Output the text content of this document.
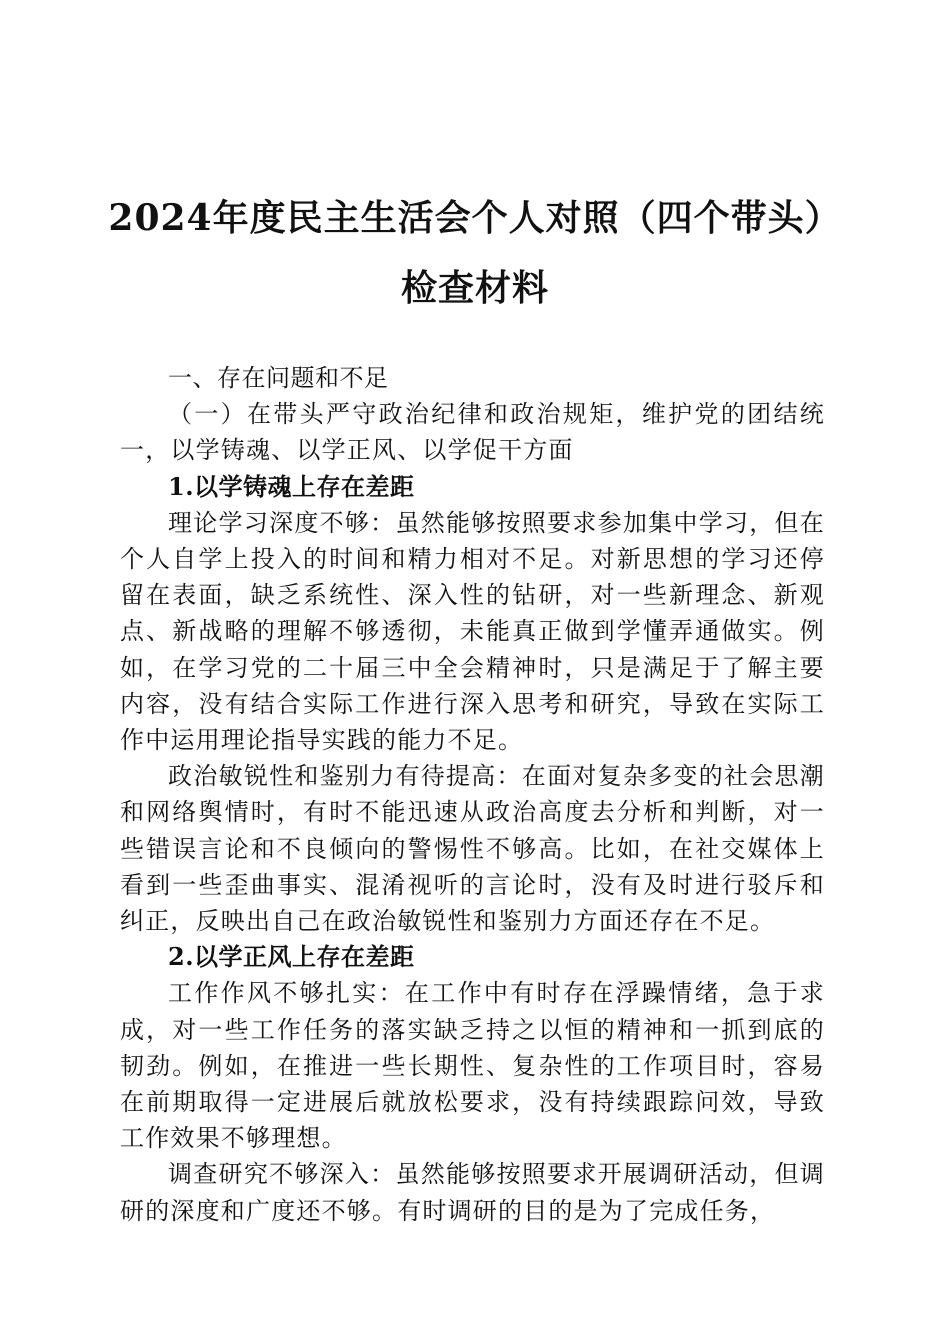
2024年度民主生活会个人对照（四个带头）
检查材料

一、存在问题和不足

（一）在带头严守政治纪律和政治规矩，维护党的团结统一，以学铸魂、以学正风、以学促干方面

1.以学铸魂上存在差距

理论学习深度不够：虽然能够按照要求参加集中学习，但在个人自学上投入的时间和精力相对不足。对新思想的学习还停留在表面，缺乏系统性、深入性的钻研，对一些新理念、新观点、新战略的理解不够透彻，未能真正做到学懂弄通做实。例如，在学习党的二十届三中全会精神时，只是满足于了解主要内容，没有结合实际工作进行深入思考和研究，导致在实际工作中运用理论指导实践的能力不足。

政治敏锐性和鉴别力有待提高：在面对复杂多变的社会思潮和网络舆情时，有时不能迅速从政治高度去分析和判断，对一些错误言论和不良倾向的警惕性不够高。比如，在社交媒体上看到一些歪曲事实、混淆视听的言论时，没有及时进行驳斥和纠正，反映出自己在政治敏锐性和鉴别力方面还存在不足。

2.以学正风上存在差距

工作作风不够扎实：在工作中有时存在浮躁情绪，急于求成，对一些工作任务的落实缺乏持之以恒的精神和一抓到底的韧劲。例如，在推进一些长期性、复杂性的工作项目时，容易在前期取得一定进展后就放松要求，没有持续跟踪问效，导致工作效果不够理想。

调查研究不够深入：虽然能够按照要求开展调研活动，但调研的深度和广度还不够。有时调研的目的是为了完成任务，
